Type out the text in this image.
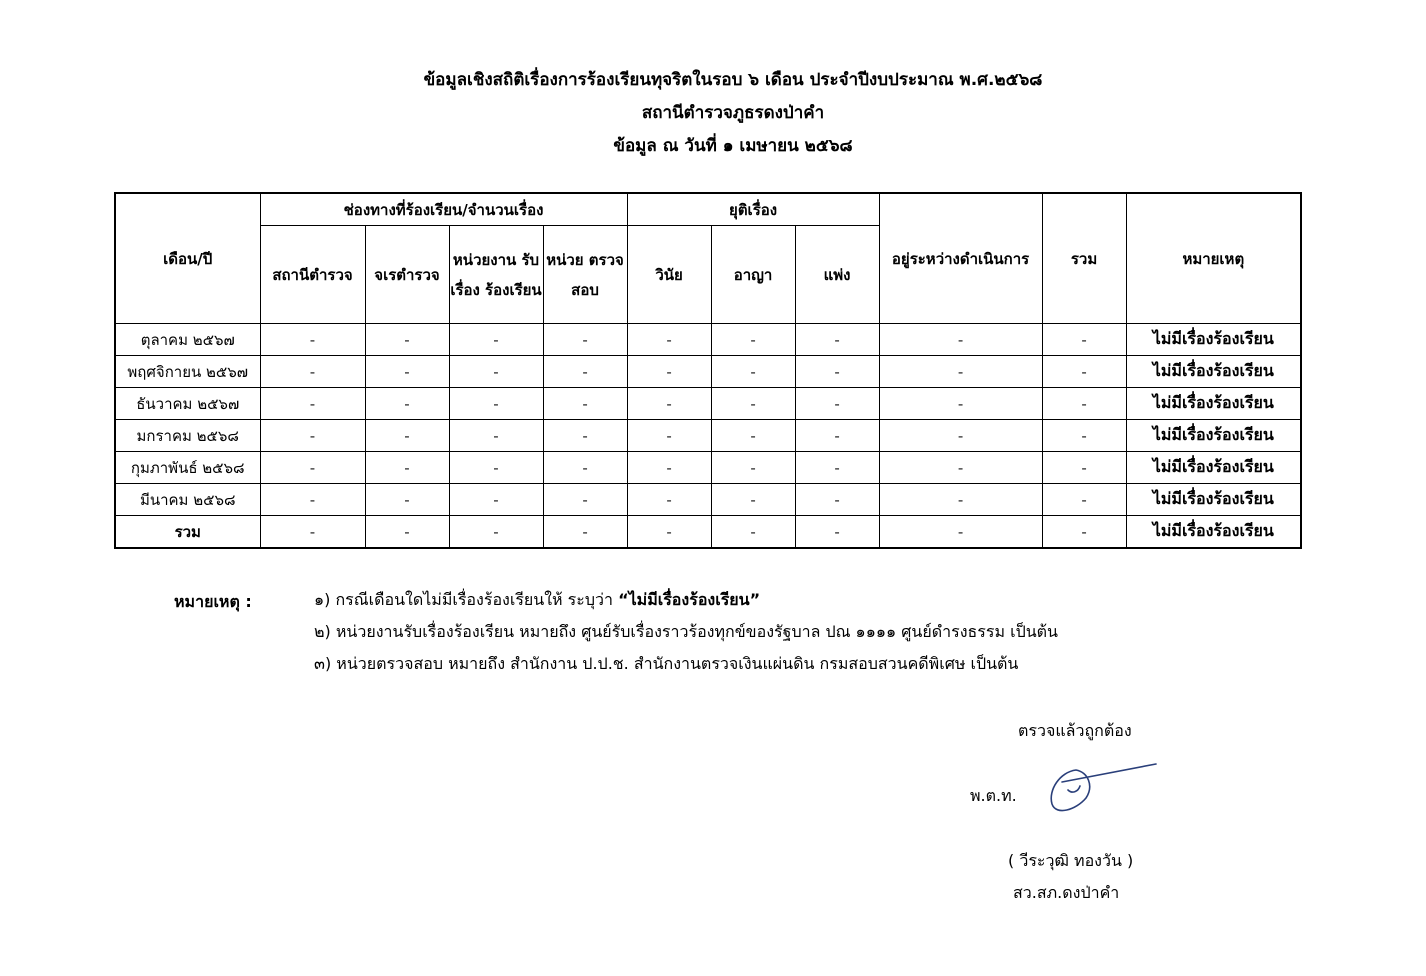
ข้อมูลเชิงสถิติเรื่องการร้องเรียนทุจริตในรอบ ๖ เดือน ประจำปีงบประมาณ พ.ศ.๒๕๖๘
สถานีตำรวจภูธรดงป่าคำ
ข้อมูล ณ วันที่ ๑ เมษายน ๒๕๖๘
เดือน/ปี	ช่องทางที่ร้องเรียน/จำนวนเรื่อง				ยุติเรื่อง			อยู่ระหว่างดำเนินการ	รวม	หมายเหตุ
	สถานีตำรวจ	จเรตำรวจ	หน่วยงาน รับเรื่อง ร้องเรียน	หน่วย ตรวจสอบ	วินัย	อาญา	แพ่ง			
ตุลาคม ๒๕๖๗	-	-	-	-	-	-	-	-	-	ไม่มีเรื่องร้องเรียน
พฤศจิกายน ๒๕๖๗	-	-	-	-	-	-	-	-	-	ไม่มีเรื่องร้องเรียน
ธันวาคม ๒๕๖๗	-	-	-	-	-	-	-	-	-	ไม่มีเรื่องร้องเรียน
มกราคม ๒๕๖๘	-	-	-	-	-	-	-	-	-	ไม่มีเรื่องร้องเรียน
กุมภาพันธ์ ๒๕๖๘	-	-	-	-	-	-	-	-	-	ไม่มีเรื่องร้องเรียน
มีนาคม ๒๕๖๘	-	-	-	-	-	-	-	-	-	ไม่มีเรื่องร้องเรียน
รวม	-	-	-	-	-	-	-	-	-	ไม่มีเรื่องร้องเรียน
หมายเหตุ :	๑) กรณีเดือนใดไม่มีเรื่องร้องเรียนให้ ระบุว่า “ไม่มีเรื่องร้องเรียน”
๒) หน่วยงานรับเรื่องร้องเรียน หมายถึง ศูนย์รับเรื่องราวร้องทุกข์ของรัฐบาล ปณ ๑๑๑๑ ศูนย์ดำรงธรรม เป็นต้น
๓) หน่วยตรวจสอบ หมายถึง สำนักงาน ป.ป.ช. สำนักงานตรวจเงินแผ่นดิน กรมสอบสวนคดีพิเศษ เป็นต้น
ตรวจแล้วถูกต้อง
พ.ต.ท.
( วีระวุฒิ ทองวัน )
สว.สภ.ดงป่าคำ
